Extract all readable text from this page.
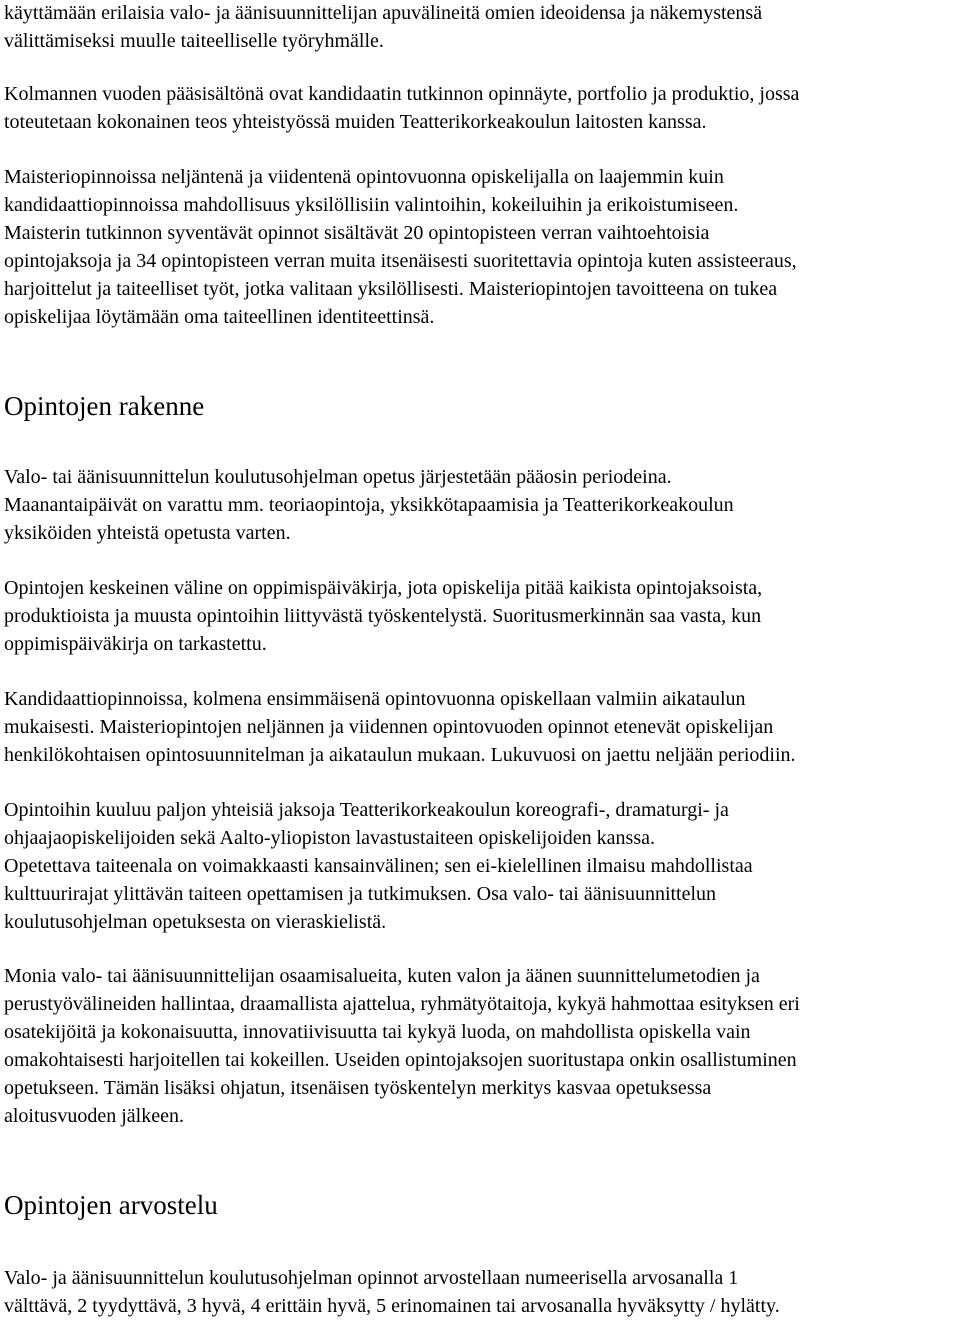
käyttämään erilaisia valo- ja äänisuunnittelijan apuvälineitä omien ideoidensa ja näkemystensä
välittämiseksi muulle taiteelliselle työryhmälle.

Kolmannen vuoden pääsisältönä ovat kandidaatin tutkinnon opinnäyte, portfolio ja produktio, jossa
toteutetaan kokonainen teos yhteistyössä muiden Teatterikorkeakoulun laitosten kanssa.

Maisteriopinnoissa neljäntenä ja viidentenä opintovuonna opiskelijalla on laajemmin kuin
kandidaattiopinnoissa mahdollisuus yksilöllisiin valintoihin, kokeiluihin ja erikoistumiseen.
Maisterin tutkinnon syventävät opinnot sisältävät 20 opintopisteen verran vaihtoehtoisia
opintojaksoja ja 34 opintopisteen verran muita itsenäisesti suoritettavia opintoja kuten assisteeraus,
harjoittelut ja taiteelliset työt, jotka valitaan yksilöllisesti. Maisteriopintojen tavoitteena on tukea
opiskelijaa löytämään oma taiteellinen identiteettinsä.

Opintojen rakenne

Valo- tai äänisuunnittelun koulutusohjelman opetus järjestetään pääosin periodeina.
Maanantaipäivät on varattu mm. teoriaopintoja, yksikkötapaamisia ja Teatterikorkeakoulun
yksiköiden yhteistä opetusta varten.

Opintojen keskeinen väline on oppimispäiväkirja, jota opiskelija pitää kaikista opintojaksoista,
produktioista ja muusta opintoihin liittyvästä työskentelystä. Suoritusmerkinnän saa vasta, kun
oppimispäiväkirja on tarkastettu.

Kandidaattiopinnoissa, kolmena ensimmäisenä opintovuonna opiskellaan valmiin aikataulun
mukaisesti. Maisteriopintojen neljännen ja viidennen opintovuoden opinnot etenevät opiskelijan
henkilökohtaisen opintosuunnitelman ja aikataulun mukaan. Lukuvuosi on jaettu neljään periodiin.

Opintoihin kuuluu paljon yhteisiä jaksoja Teatterikorkeakoulun koreografi-, dramaturgi- ja
ohjaajaopiskelijoiden sekä Aalto-yliopiston lavastustaiteen opiskelijoiden kanssa.
Opetettava taiteenala on voimakkaasti kansainvälinen; sen ei-kielellinen ilmaisu mahdollistaa
kulttuurirajat ylittävän taiteen opettamisen ja tutkimuksen. Osa valo- tai äänisuunnittelun
koulutusohjelman opetuksesta on vieraskielistä.

Monia valo- tai äänisuunnittelijan osaamisalueita, kuten valon ja äänen suunnittelumetodien ja
perustyövälineiden hallintaa, draamallista ajattelua, ryhmätyötaitoja, kykyä hahmottaa esityksen eri
osatekijöitä ja kokonaisuutta, innovatiivisuutta tai kykyä luoda, on mahdollista opiskella vain
omakohtaisesti harjoitellen tai kokeillen. Useiden opintojaksojen suoritustapa onkin osallistuminen
opetukseen. Tämän lisäksi ohjatun, itsenäisen työskentelyn merkitys kasvaa opetuksessa
aloitusvuoden jälkeen.

Opintojen arvostelu

Valo- ja äänisuunnittelun koulutusohjelman opinnot arvostellaan numeerisella arvosanalla 1
välttävä, 2 tyydyttävä, 3 hyvä, 4 erittäin hyvä, 5 erinomainen tai arvosanalla hyväksytty / hylätty.
